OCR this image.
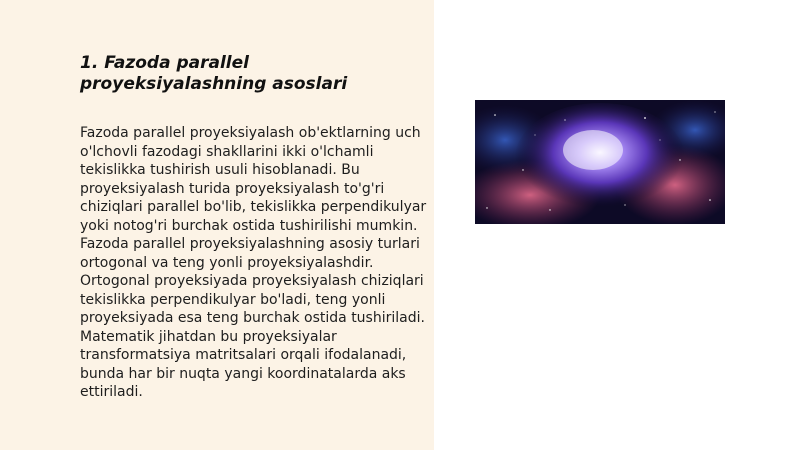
1. Fazoda parallel proyeksiyalashning asoslari

Fazoda parallel proyeksiyalash ob'ektlarning uch o'lchovli fazodagi shakllarini ikki o'lchamli tekislikka tushirish usuli hisoblanadi. Bu proyeksiyalash turida proyeksiyalash to'g'ri chiziqlari parallel bo'lib, tekislikka perpendikulyar yoki notog'ri burchak ostida tushirilishi mumkin. Fazoda parallel proyeksiyalashning asosiy turlari ortogonal va teng yonli proyeksiyalashdir. Ortogonal proyeksiyada proyeksiyalash chiziqlari tekislikka perpendikulyar bo'ladi, teng yonli proyeksiyada esa teng burchak ostida tushiriladi. Matematik jihatdan bu proyeksiyalar transformatsiya matritsalari orqali ifodalanadi, bunda har bir nuqta yangi koordinatalarda aks ettiriladi.
